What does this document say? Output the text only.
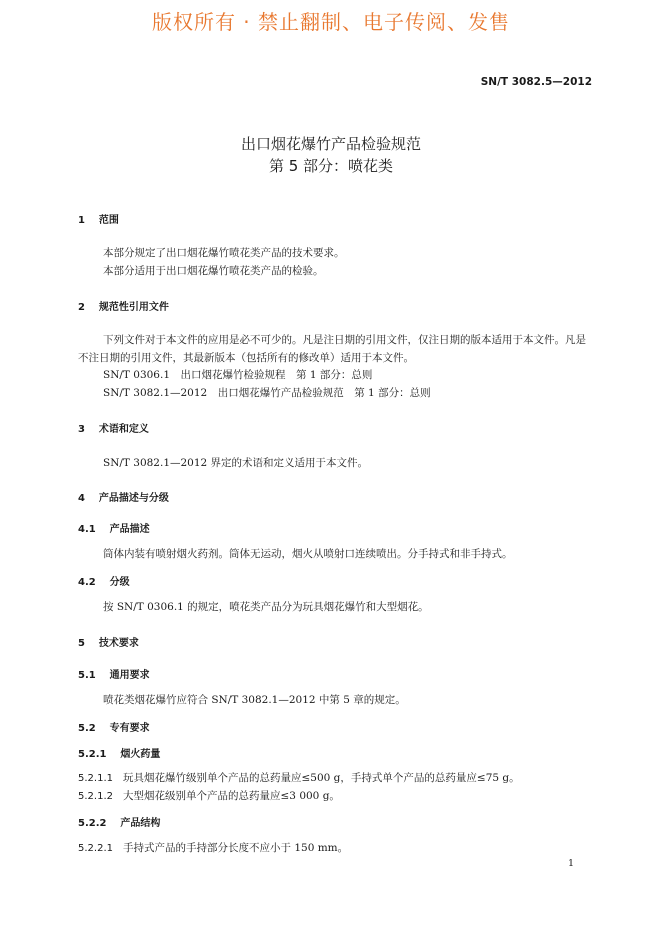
版权所有 · 禁止翻制、电子传阅、发售
SN/T 3082.5—2012
出口烟花爆竹产品检验规范
第 5 部分：喷花类
1 范围
本部分规定了出口烟花爆竹喷花类产品的技术要求。
本部分适用于出口烟花爆竹喷花类产品的检验。
2 规范性引用文件
下列文件对于本文件的应用是必不可少的。凡是注日期的引用文件，仅注日期的版本适用于本文件。凡是不注日期的引用文件，其最新版本（包括所有的修改单）适用于本文件。
SN/T 0306.1　出口烟花爆竹检验规程　第 1 部分：总则
SN/T 3082.1—2012　出口烟花爆竹产品检验规范　第 1 部分：总则
3 术语和定义
SN/T 3082.1—2012 界定的术语和定义适用于本文件。
4 产品描述与分级
4.1 产品描述
筒体内装有喷射烟火药剂。筒体无运动，烟火从喷射口连续喷出。分手持式和非手持式。
4.2 分级
按 SN/T 0306.1 的规定，喷花类产品分为玩具烟花爆竹和大型烟花。
5 技术要求
5.1 通用要求
喷花类烟花爆竹应符合 SN/T 3082.1—2012 中第 5 章的规定。
5.2 专有要求
5.2.1 烟火药量
5.2.1.1 玩具烟花爆竹级别单个产品的总药量应≤500 g，手持式单个产品的总药量应≤75 g。
5.2.1.2 大型烟花级别单个产品的总药量应≤3 000 g。
5.2.2 产品结构
5.2.2.1 手持式产品的手持部分长度不应小于 150 mm。
1
